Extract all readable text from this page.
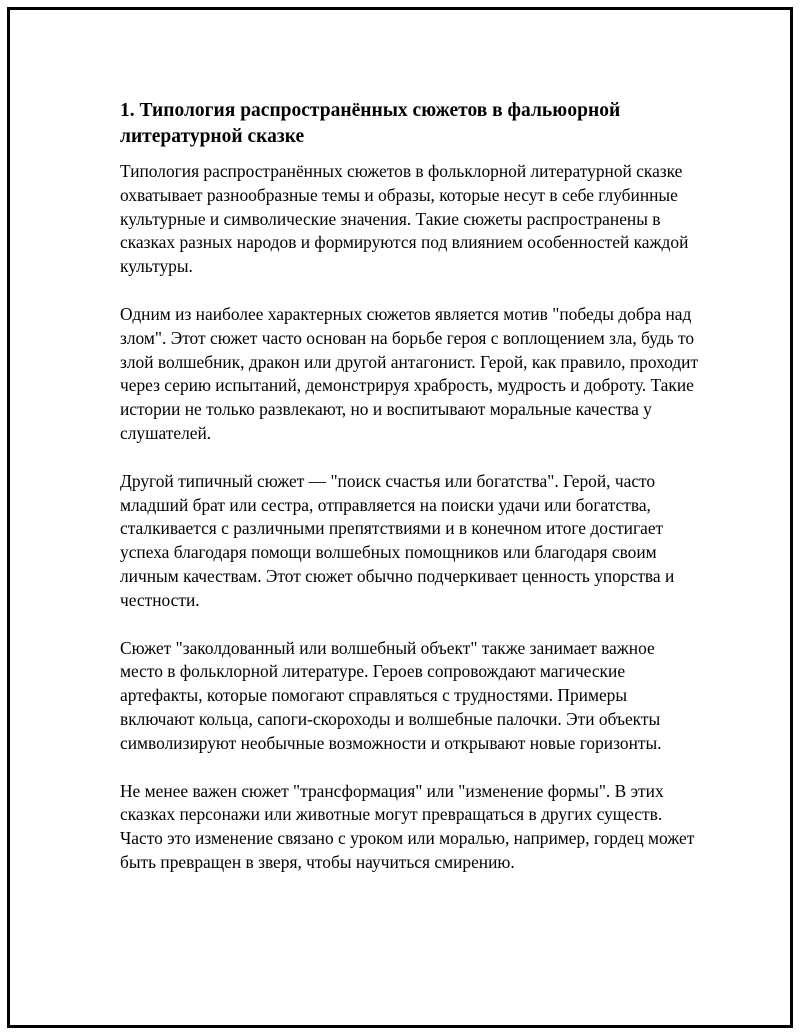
1. Типология распространённых сюжетов в фальюорной литературной сказке

Типология распространённых сюжетов в фольклорной литературной сказке охватывает разнообразные темы и образы, которые несут в себе глубинные культурные и символические значения. Такие сюжеты распространены в сказках разных народов и формируются под влиянием особенностей каждой культуры.

Одним из наиболее характерных сюжетов является мотив "победы добра над злом". Этот сюжет часто основан на борьбе героя с воплощением зла, будь то злой волшебник, дракон или другой антагонист. Герой, как правило, проходит через серию испытаний, демонстрируя храбрость, мудрость и доброту. Такие истории не только развлекают, но и воспитывают моральные качества у слушателей.

Другой типичный сюжет — "поиск счастья или богатства". Герой, часто младший брат или сестра, отправляется на поиски удачи или богатства, сталкивается с различными препятствиями и в конечном итоге достигает успеха благодаря помощи волшебных помощников или благодаря своим личным качествам. Этот сюжет обычно подчеркивает ценность упорства и честности.

Сюжет "заколдованный или волшебный объект" также занимает важное место в фольклорной литературе. Героев сопровождают магические артефакты, которые помогают справляться с трудностями. Примеры включают кольца, сапоги-скороходы и волшебные палочки. Эти объекты символизируют необычные возможности и открывают новые горизонты.

Не менее важен сюжет "трансформация" или "изменение формы". В этих сказках персонажи или животные могут превращаться в других существ. Часто это изменение связано с уроком или моралью, например, гордец может быть превращен в зверя, чтобы научиться смирению.
